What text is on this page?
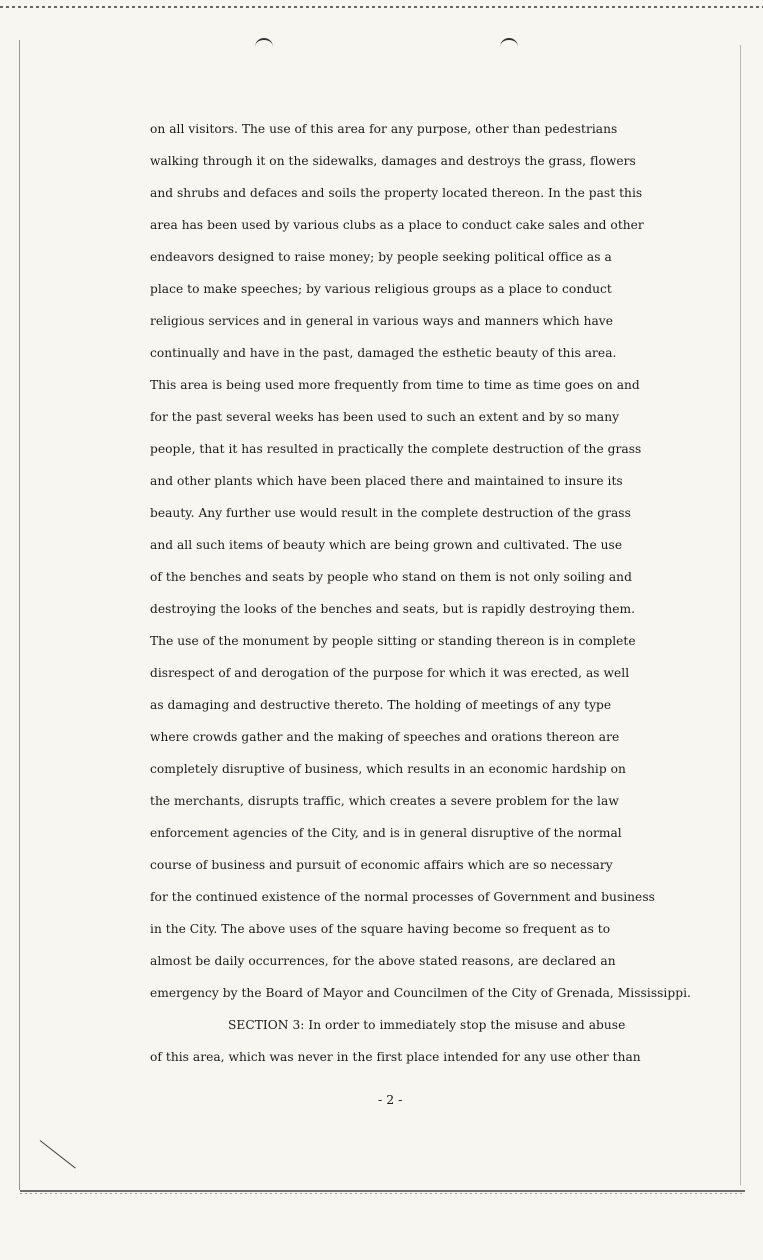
on all visitors. The use of this area for any purpose, other than pedestrians
walking through it on the sidewalks, damages and destroys the grass, flowers
and shrubs and defaces and soils the property located thereon. In the past this
area has been used by various clubs as a place to conduct cake sales and other
endeavors designed to raise money; by people seeking political office as a
place to make speeches; by various religious groups as a place to conduct
religious services and in general in various ways and manners which have
continually and have in the past, damaged the esthetic beauty of this area.
This area is being used more frequently from time to time as time goes on and
for the past several weeks has been used to such an extent and by so many
people, that it has resulted in practically the complete destruction of the grass
and other plants which have been placed there and maintained to insure its
beauty. Any further use would result in the complete destruction of the grass
and all such items of beauty which are being grown and cultivated. The use
of the benches and seats by people who stand on them is not only soiling and
destroying the looks of the benches and seats, but is rapidly destroying them.
The use of the monument by people sitting or standing thereon is in complete
disrespect of and derogation of the purpose for which it was erected, as well
as damaging and destructive thereto. The holding of meetings of any type
where crowds gather and the making of speeches and orations thereon are
completely disruptive of business, which results in an economic hardship on
the merchants, disrupts traffic, which creates a severe problem for the law
enforcement agencies of the City, and is in general disruptive of the normal
course of business and pursuit of economic affairs which are so necessary
for the continued existence of the normal processes of Government and business
in the City. The above uses of the square having become so frequent as to
almost be daily occurrences, for the above stated reasons, are declared an
emergency by the Board of Mayor and Councilmen of the City of Grenada, Mississippi.
SECTION 3: In order to immediately stop the misuse and abuse
of this area, which was never in the first place intended for any use other than
- 2 -
